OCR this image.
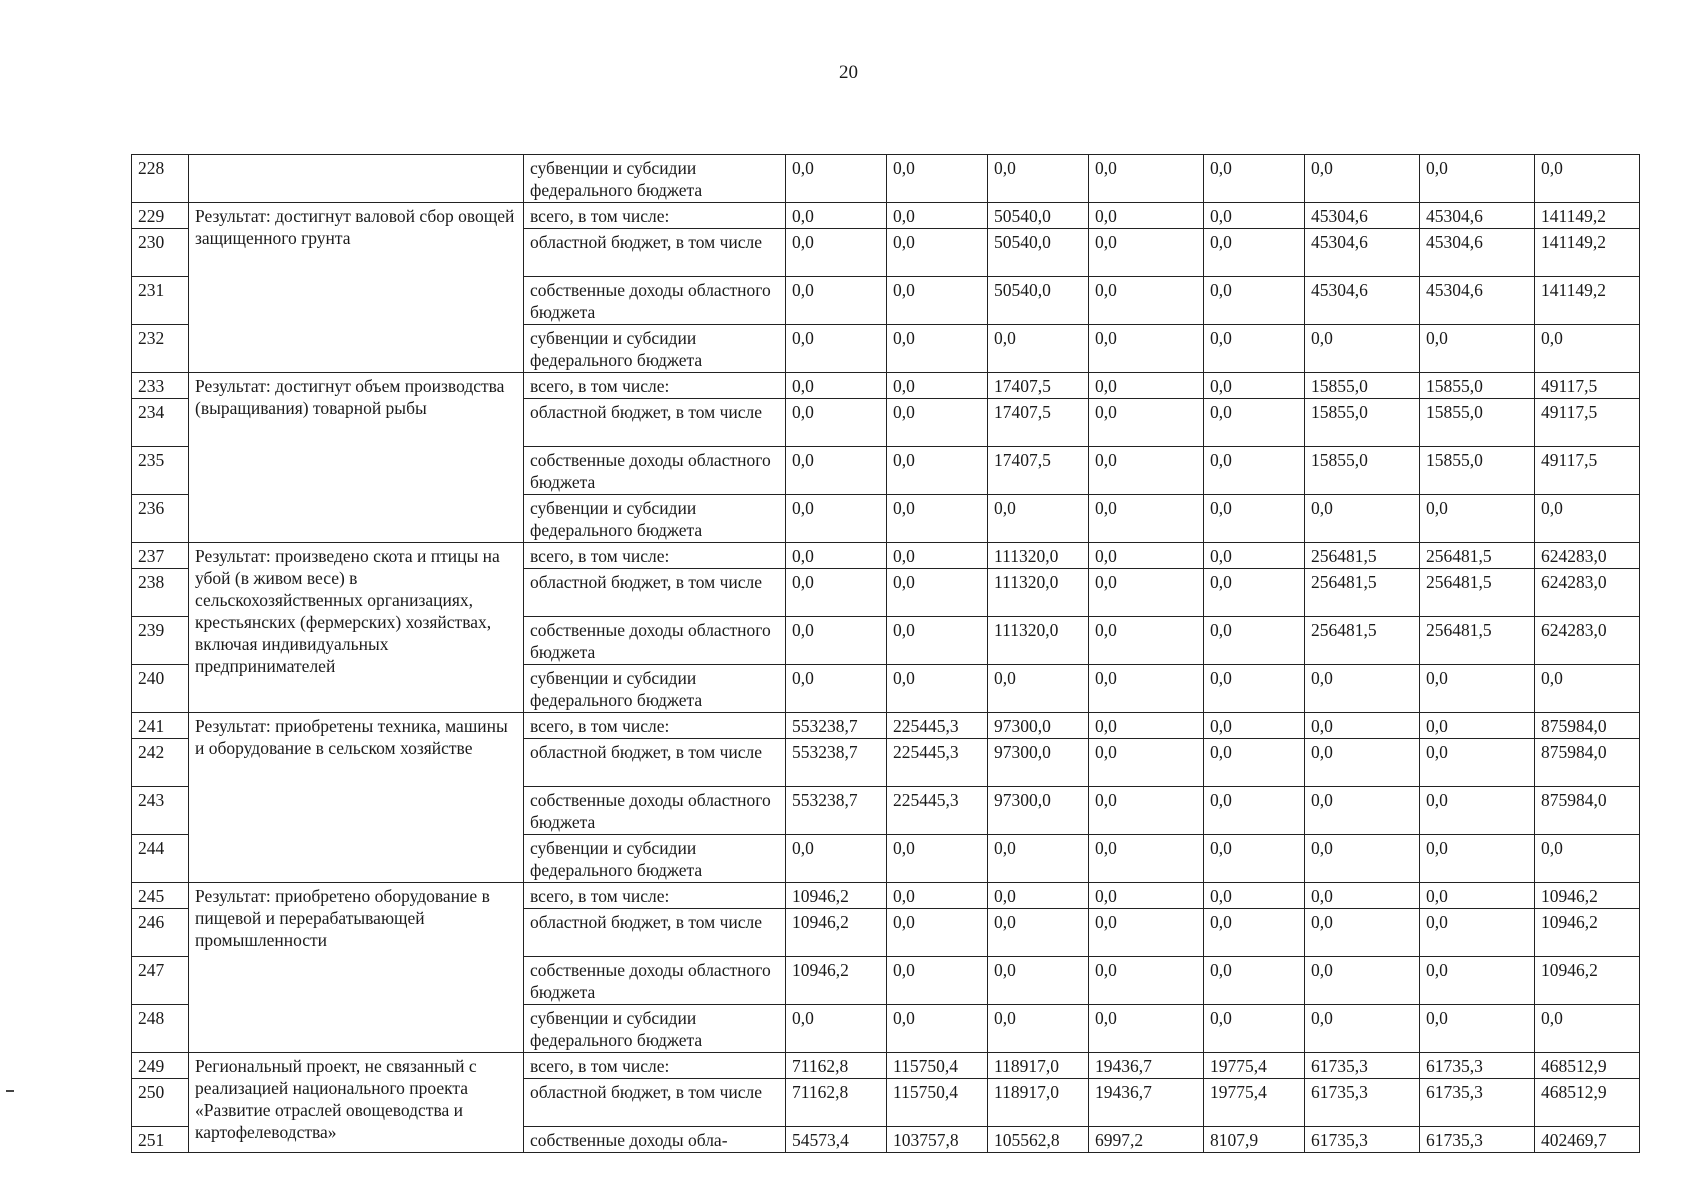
20
228		субвенции и субсидии федерального бюджета	0,0	0,0	0,0	0,0	0,0	0,0	0,0	0,0
229	Результат: достигнут валовой сбор овощей защищенного грунта	всего, в том числе:	0,0	0,0	50540,0	0,0	0,0	45304,6	45304,6	141149,2
230		областной бюджет, в том числе	0,0	0,0	50540,0	0,0	0,0	45304,6	45304,6	141149,2
231		собственные доходы областного бюджета	0,0	0,0	50540,0	0,0	0,0	45304,6	45304,6	141149,2
232		субвенции и субсидии федерального бюджета	0,0	0,0	0,0	0,0	0,0	0,0	0,0	0,0
233	Результат: достигнут объем производства (выращивания) товарной рыбы	всего, в том числе:	0,0	0,0	17407,5	0,0	0,0	15855,0	15855,0	49117,5
234		областной бюджет, в том числе	0,0	0,0	17407,5	0,0	0,0	15855,0	15855,0	49117,5
235		собственные доходы областного бюджета	0,0	0,0	17407,5	0,0	0,0	15855,0	15855,0	49117,5
236		субвенции и субсидии федерального бюджета	0,0	0,0	0,0	0,0	0,0	0,0	0,0	0,0
237	Результат: произведено скота и птицы на убой (в живом весе) в сельскохозяйственных организациях, крестьянских (фермерских) хозяйствах, включая индивидуальных предпринимателей	всего, в том числе:	0,0	0,0	111320,0	0,0	0,0	256481,5	256481,5	624283,0
238		областной бюджет, в том числе	0,0	0,0	111320,0	0,0	0,0	256481,5	256481,5	624283,0
239		собственные доходы областного бюджета	0,0	0,0	111320,0	0,0	0,0	256481,5	256481,5	624283,0
240		субвенции и субсидии федерального бюджета	0,0	0,0	0,0	0,0	0,0	0,0	0,0	0,0
241	Результат: приобретены техника, машины и оборудование в сельском хозяйстве	всего, в том числе:	553238,7	225445,3	97300,0	0,0	0,0	0,0	0,0	875984,0
242		областной бюджет, в том числе	553238,7	225445,3	97300,0	0,0	0,0	0,0	0,0	875984,0
243		собственные доходы областного бюджета	553238,7	225445,3	97300,0	0,0	0,0	0,0	0,0	875984,0
244		субвенции и субсидии федерального бюджета	0,0	0,0	0,0	0,0	0,0	0,0	0,0	0,0
245	Результат: приобретено оборудование в пищевой и перерабатывающей промышленности	всего, в том числе:	10946,2	0,0	0,0	0,0	0,0	0,0	0,0	10946,2
246		областной бюджет, в том числе	10946,2	0,0	0,0	0,0	0,0	0,0	0,0	10946,2
247		собственные доходы областного бюджета	10946,2	0,0	0,0	0,0	0,0	0,0	0,0	10946,2
248		субвенции и субсидии федерального бюджета	0,0	0,0	0,0	0,0	0,0	0,0	0,0	0,0
249	Региональный проект, не связанный с реализацией национального проекта «Развитие отраслей овощеводства и картофелеводства»	всего, в том числе:	71162,8	115750,4	118917,0	19436,7	19775,4	61735,3	61735,3	468512,9
250		областной бюджет, в том числе	71162,8	115750,4	118917,0	19436,7	19775,4	61735,3	61735,3	468512,9
251		собственные доходы обла-	54573,4	103757,8	105562,8	6997,2	8107,9	61735,3	61735,3	402469,7
